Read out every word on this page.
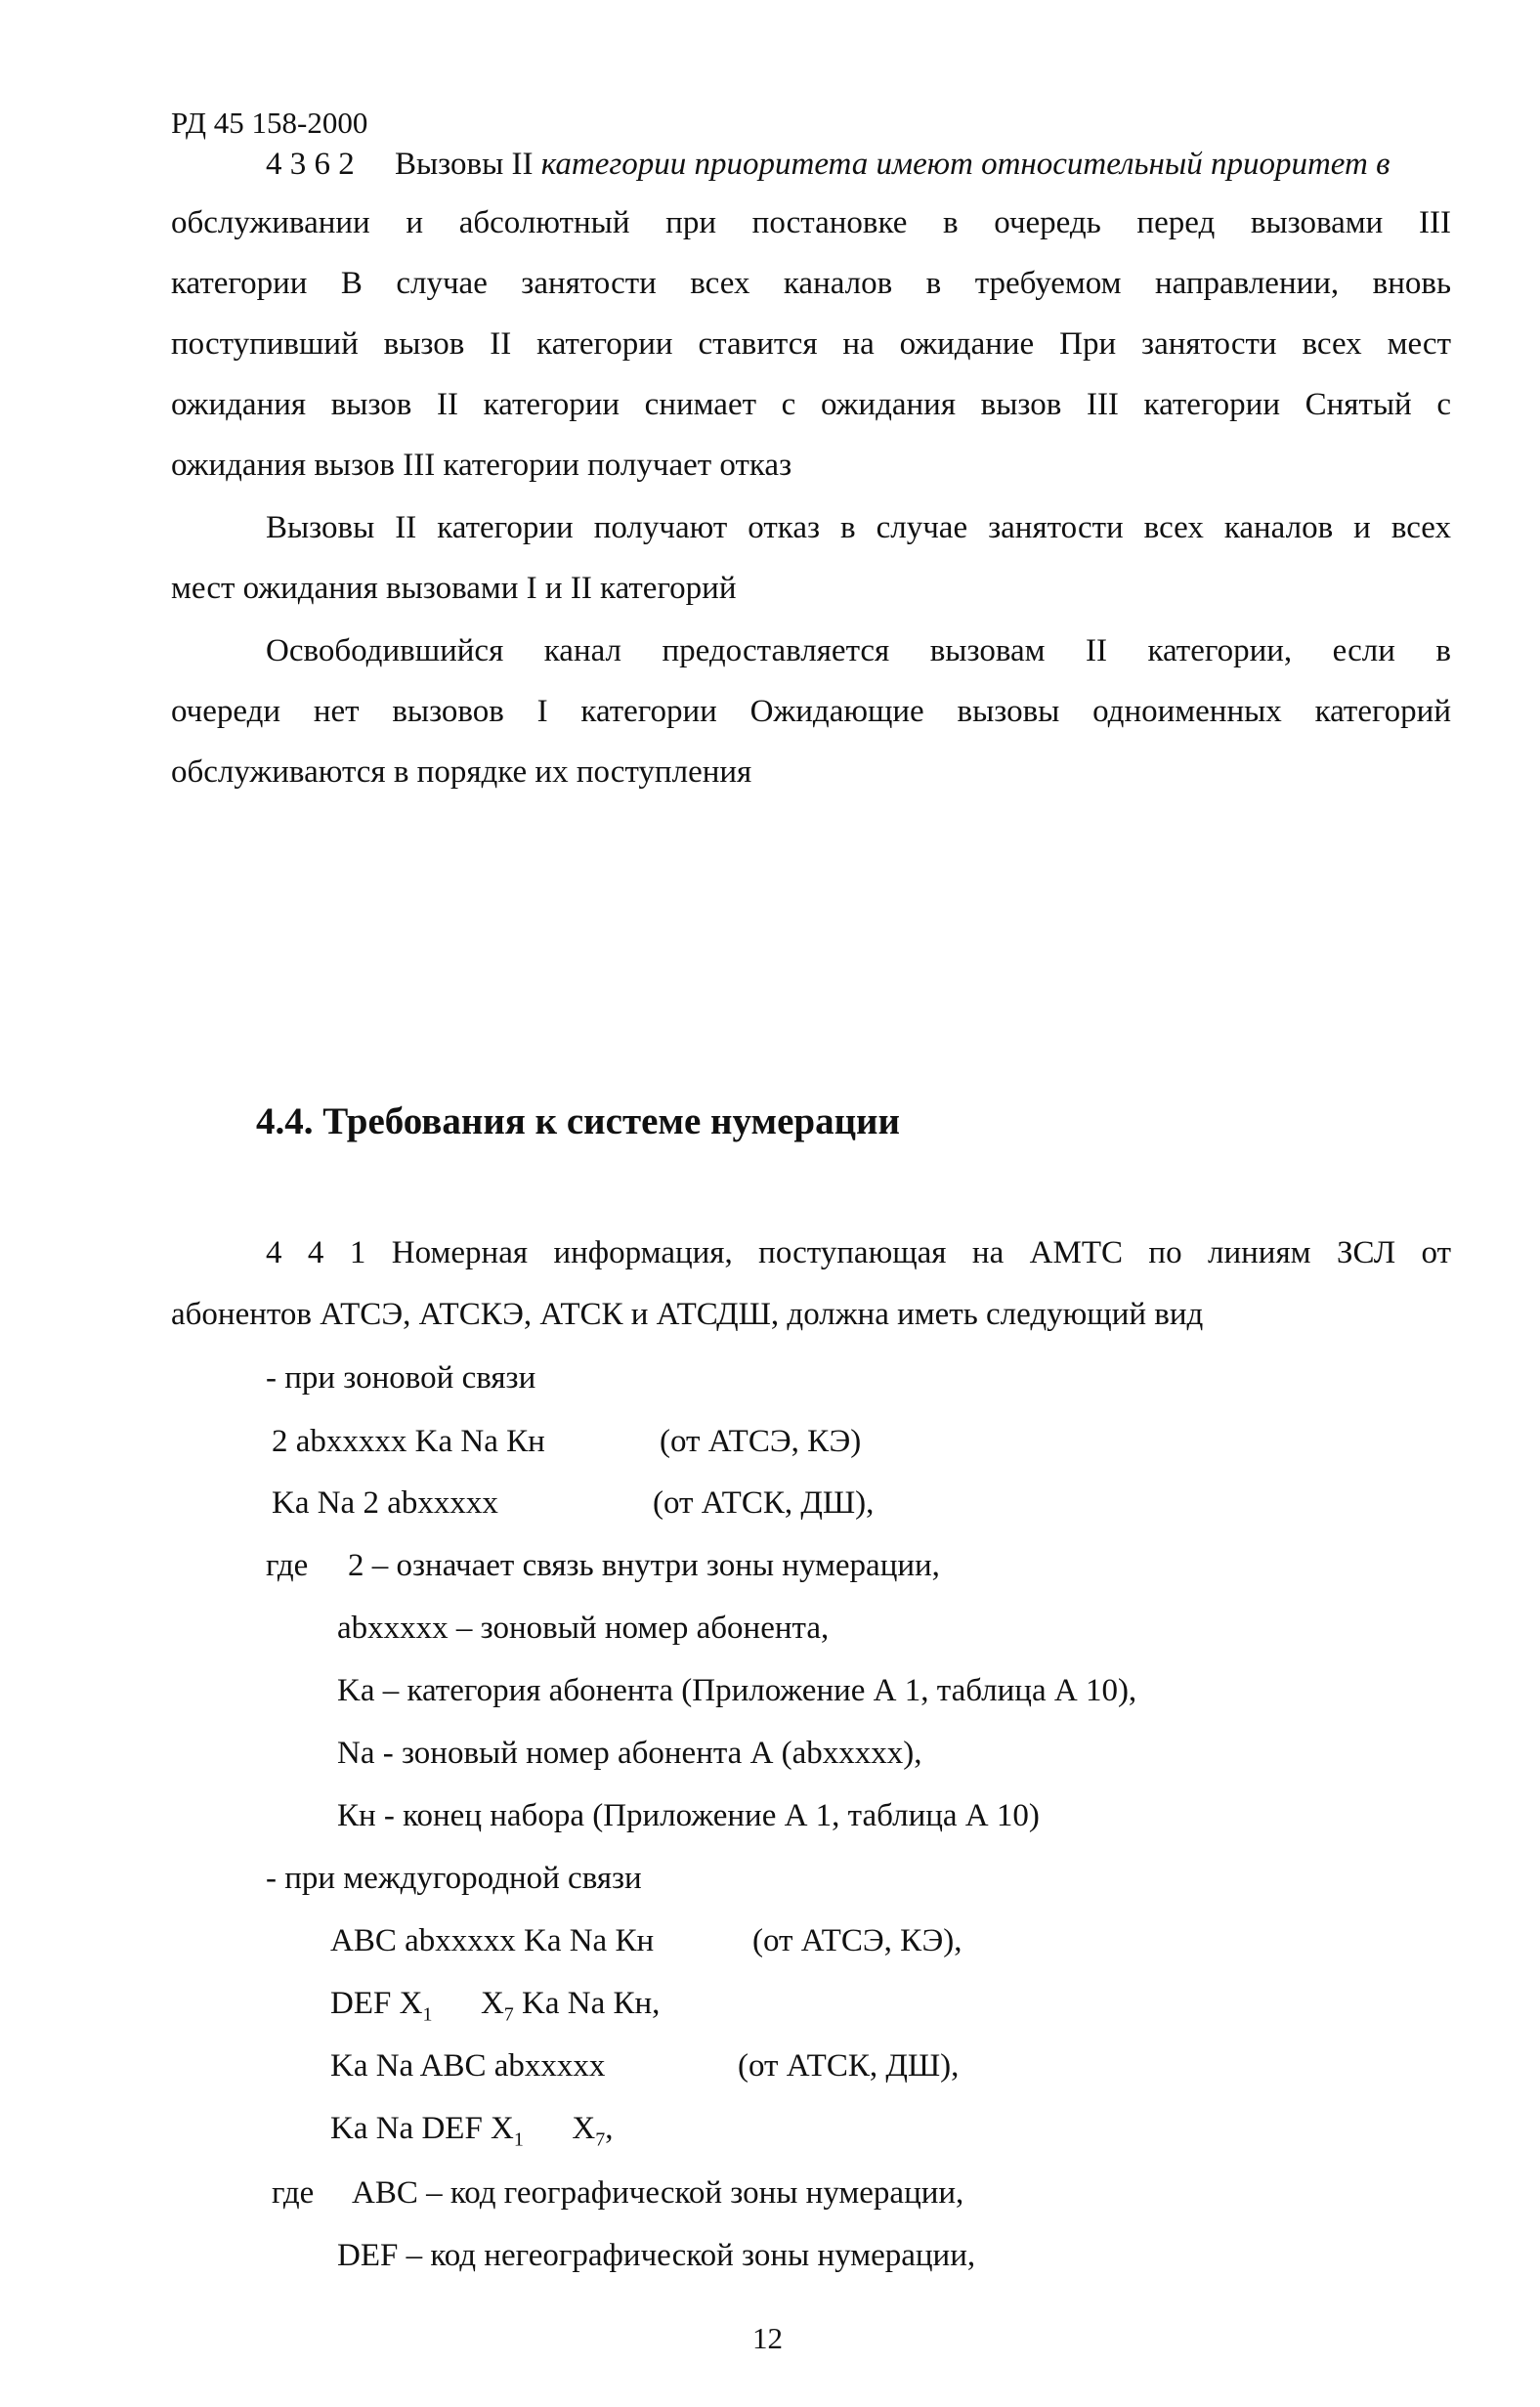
РД 45 158-2000
4 3 6 2 Вызовы II категории приоритета имеют относительный приоритет в
обслуживании и абсолютный при постановке в очередь перед вызовами III
категории В случае занятости всех каналов в требуемом направлении, вновь
поступивший вызов II категории ставится на ожидание При занятости всех мест
ожидания вызов II категории снимает с ожидания вызов III категории Снятый с
ожидания вызов III категории получает отказ
Вызовы II категории получают отказ в случае занятости всех каналов и всех
мест ожидания вызовами I и II категорий
Освободившийся канал предоставляется вызовам II категории, если в
очереди нет вызовов I категории Ожидающие вызовы одноименных категорий
обслуживаются в порядке их поступления
4.4. Требования к системе нумерации
4 4 1 Номерная информация, поступающая на АМТС по линиям ЗСЛ от
абонентов АТСЭ, АТСКЭ, АТСК и АТСДШ, должна иметь следующий вид
- при зоновой связи
2 abxxxxx Ka Na Кн	(от АТСЭ, КЭ)
Ka Na 2 abxxxxx	(от АТСК, ДШ),
где 2 – означает связь внутри зоны нумерации,
abxxxxx – зоновый номер абонента,
Ka – категория абонента (Приложение А 1, таблица А 10),
Na - зоновый номер абонента А (abxxxxx),
Кн - конец набора (Приложение А 1, таблица А 10)
- при междугородной связи
ABC abxxxxx Ka Na Кн	(от АТСЭ, КЭ),
DEF $X_1$ $X_7$ Ka Na Кн,
Ka Na ABC abxxxxx	(от АТСК, ДШ),
Ka Na DEF $X_1$ $X_7$,
где ABC – код географической зоны нумерации,
DEF – код негеографической зоны нумерации,
12
